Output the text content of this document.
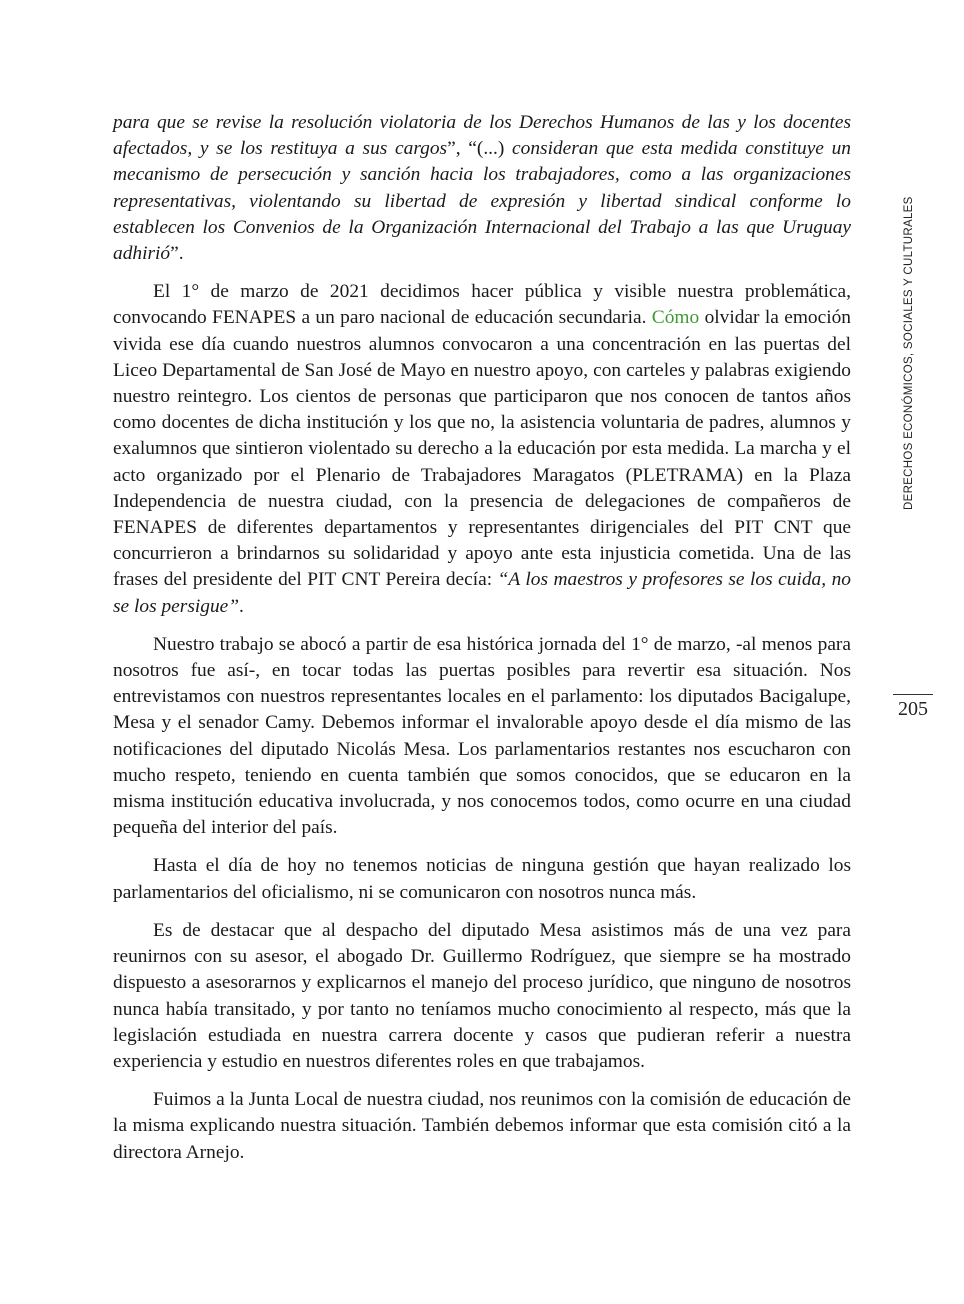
para que se revise la resolución violatoria de los Derechos Humanos de las y los docentes afectados, y se los restituya a sus cargos”, “(...) consideran que esta medida constituye un mecanismo de persecución y sanción hacia los trabajadores, como a las organizaciones representativas, violentando su libertad de expresión y libertad sindical conforme lo establecen los Convenios de la Organización Internacional del Trabajo a las que Uruguay adhirió”.

El 1° de marzo de 2021 decidimos hacer pública y visible nuestra problemática, convocando FENAPES a un paro nacional de educación secundaria. Cómo olvidar la emoción vivida ese día cuando nuestros alumnos convocaron a una concentración en las puertas del Liceo Departamental de San José de Mayo en nuestro apoyo, con carteles y palabras exigiendo nuestro reintegro. Los cientos de personas que participaron que nos conocen de tantos años como docentes de dicha institución y los que no, la asistencia voluntaria de padres, alumnos y exalumnos que sintieron violentado su derecho a la educación por esta medida. La marcha y el acto organizado por el Plenario de Trabajadores Maragatos (PLETRAMA) en la Plaza Independencia de nuestra ciudad, con la presencia de delegaciones de compañeros de FENAPES de diferentes departamentos y representantes dirigenciales del PIT CNT que concurrieron a brindarnos su solidaridad y apoyo ante esta injusticia cometida. Una de las frases del presidente del PIT CNT Pereira decía: “A los maestros y profesores se los cuida, no se los persigue”.

Nuestro trabajo se abocó a partir de esa histórica jornada del 1° de marzo, -al menos para nosotros fue así-, en tocar todas las puertas posibles para revertir esa situación. Nos entrevistamos con nuestros representantes locales en el parlamento: los diputados Bacigalupe, Mesa y el senador Camy. Debemos informar el invalorable apoyo desde el día mismo de las notificaciones del diputado Nicolás Mesa. Los parlamentarios restantes nos escucharon con mucho respeto, teniendo en cuenta también que somos conocidos, que se educaron en la misma institución educativa involucrada, y nos conocemos todos, como ocurre en una ciudad pequeña del interior del país.

Hasta el día de hoy no tenemos noticias de ninguna gestión que hayan realizado los parlamentarios del oficialismo, ni se comunicaron con nosotros nunca más.

Es de destacar que al despacho del diputado Mesa asistimos más de una vez para reunirnos con su asesor, el abogado Dr. Guillermo Rodríguez, que siempre se ha mostrado dispuesto a asesorarnos y explicarnos el manejo del proceso jurídico, que ninguno de nosotros nunca había transitado, y por tanto no teníamos mucho conocimiento al respecto, más que la legislación estudiada en nuestra carrera docente y casos que pudieran referir a nuestra experiencia y estudio en nuestros diferentes roles en que trabajamos.

Fuimos a la Junta Local de nuestra ciudad, nos reunimos con la comisión de educación de la misma explicando nuestra situación. También debemos informar que esta comisión citó a la directora Arnejo.

DERECHOS ECONÓMICOS, SOCIALES Y CULTURALES
205
